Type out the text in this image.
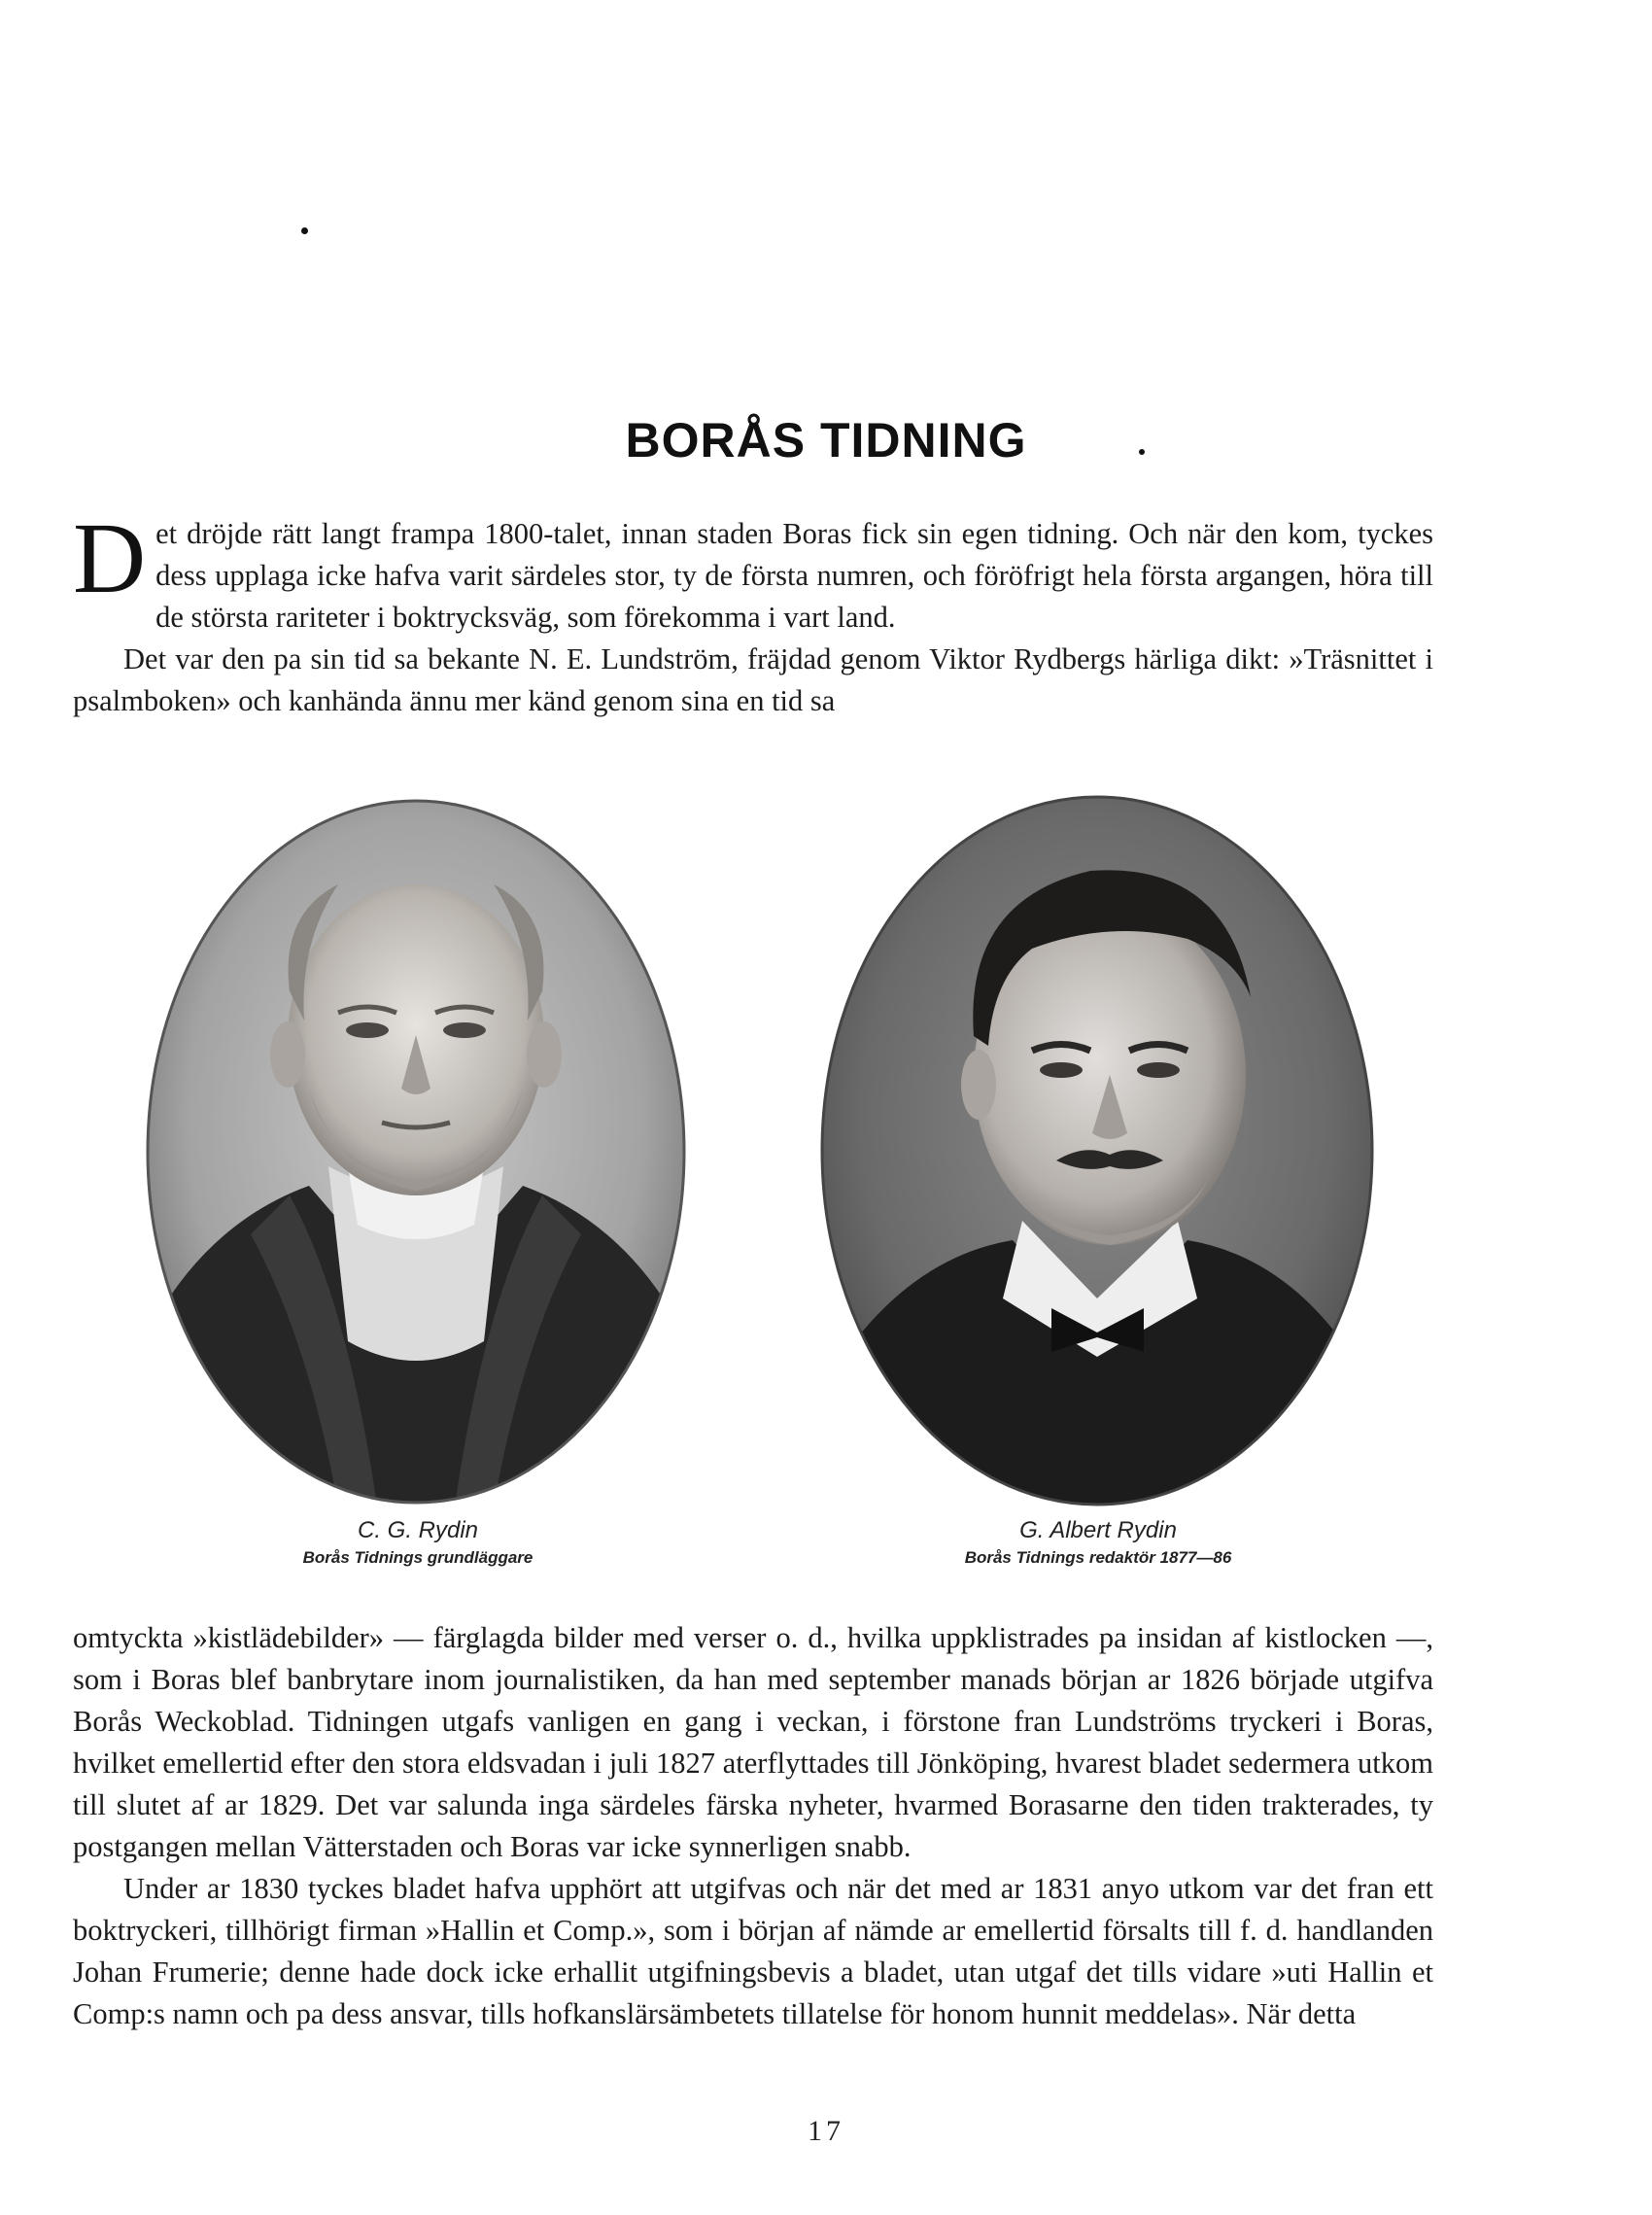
BORÅS TIDNING

Det dröjde rätt langt frampa 1800-talet, innan staden Boras fick sin egen tidning. Och när den kom, tyckes dess upplaga icke hafva varit särdeles stor, ty de första numren, och föröfrigt hela första argangen, höra till de största rariteter i boktrycksväg, som förekomma i vart land.

Det var den pa sin tid sa bekante N. E. Lundström, fräjdad genom Viktor Rydbergs härliga dikt: »Träsnittet i psalmboken» och kanhända ännu mer känd genom sina en tid sa

C. G. Rydin
Borås Tidnings grundläggare
G. Albert Rydin
Borås Tidnings redaktör 1877—86

omtyckta »kistlädebilder» — färglagda bilder med verser o. d., hvilka uppklistrades pa insidan af kistlocken —, som i Boras blef banbrytare inom journalistiken, da han med september manads början ar 1826 började utgifva Borås Weckoblad. Tidningen utgafs vanligen en gang i veckan, i förstone fran Lundströms tryckeri i Boras, hvilket emellertid efter den stora eldsvadan i juli 1827 aterflyttades till Jönköping, hvarest bladet sedermera utkom till slutet af ar 1829. Det var salunda inga särdeles färska nyheter, hvarmed Borasarne den tiden trakterades, ty postgangen mellan Vätterstaden och Boras var icke synnerligen snabb.

Under ar 1830 tyckes bladet hafva upphört att utgifvas och när det med ar 1831 anyo utkom var det fran ett boktryckeri, tillhörigt firman »Hallin et Comp.», som i början af nämde ar emellertid försalts till f. d. handlanden Johan Frumerie; denne hade dock icke erhallit utgifningsbevis a bladet, utan utgaf det tills vidare »uti Hallin et Comp:s namn och pa dess ansvar, tills hofkanslärsämbetets tillatelse för honom hunnit meddelas». När detta

17
